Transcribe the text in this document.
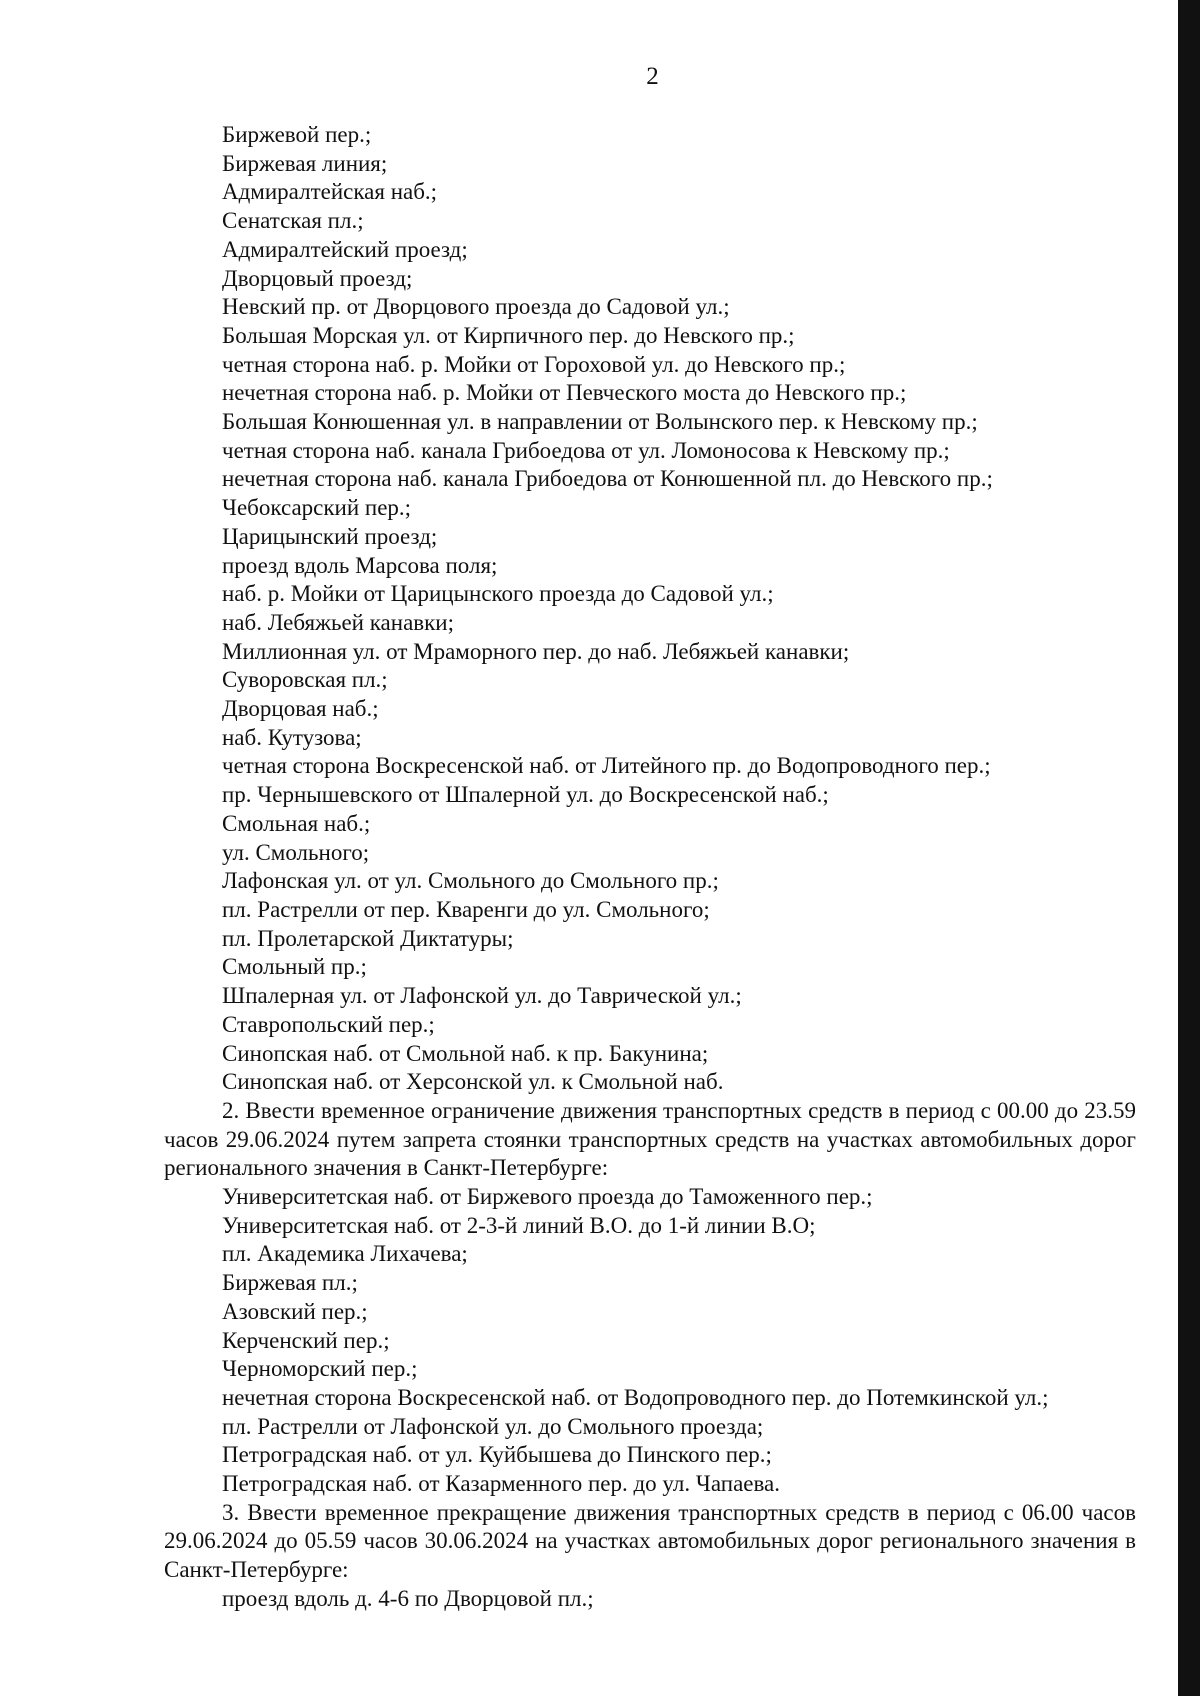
2
Биржевой пер.;
Биржевая линия;
Адмиралтейская наб.;
Сенатская пл.;
Адмиралтейский проезд;
Дворцовый проезд;
Невский пр. от Дворцового проезда до Садовой ул.;
Большая Морская ул. от Кирпичного пер. до Невского пр.;
четная сторона наб. р. Мойки от Гороховой ул. до Невского пр.;
нечетная сторона наб. р. Мойки от Певческого моста до Невского пр.;
Большая Конюшенная ул. в направлении от Волынского пер. к Невскому пр.;
четная сторона наб. канала Грибоедова от ул. Ломоносова к Невскому пр.;
нечетная сторона наб. канала Грибоедова от Конюшенной пл. до Невского пр.;
Чебоксарский пер.;
Царицынский проезд;
проезд вдоль Марсова поля;
наб. р. Мойки от Царицынского проезда до Садовой ул.;
наб. Лебяжьей канавки;
Миллионная ул. от Мраморного пер. до наб. Лебяжьей канавки;
Суворовская пл.;
Дворцовая наб.;
наб. Кутузова;
четная сторона Воскресенской наб. от Литейного пр. до Водопроводного пер.;
пр. Чернышевского от Шпалерной ул. до Воскресенской наб.;
Смольная наб.;
ул. Смольного;
Лафонская ул. от ул. Смольного до Смольного пр.;
пл. Растрелли от пер. Кваренги до ул. Смольного;
пл. Пролетарской Диктатуры;
Смольный пр.;
Шпалерная ул. от Лафонской ул. до Таврической ул.;
Ставропольский пер.;
Синопская наб. от Смольной наб. к пр. Бакунина;
Синопская наб. от Херсонской ул. к Смольной наб.
2. Ввести временное ограничение движения транспортных средств в период с 00.00 до 23.59 часов 29.06.2024 путем запрета стоянки транспортных средств на участках автомобильных дорог регионального значения в Санкт-Петербурге:
Университетская наб. от Биржевого проезда до Таможенного пер.;
Университетская наб. от 2-3-й линий В.О. до 1-й линии В.О;
пл. Академика Лихачева;
Биржевая пл.;
Азовский пер.;
Керченский пер.;
Черноморский пер.;
нечетная сторона Воскресенской наб. от Водопроводного пер. до Потемкинской ул.;
пл. Растрелли от Лафонской ул. до Смольного проезда;
Петроградская наб. от ул. Куйбышева до Пинского пер.;
Петроградская наб. от Казарменного пер. до ул. Чапаева.
3. Ввести временное прекращение движения транспортных средств в период с 06.00 часов 29.06.2024 до 05.59 часов 30.06.2024 на участках автомобильных дорог регионального значения в Санкт-Петербурге:
проезд вдоль д. 4-6 по Дворцовой пл.;
